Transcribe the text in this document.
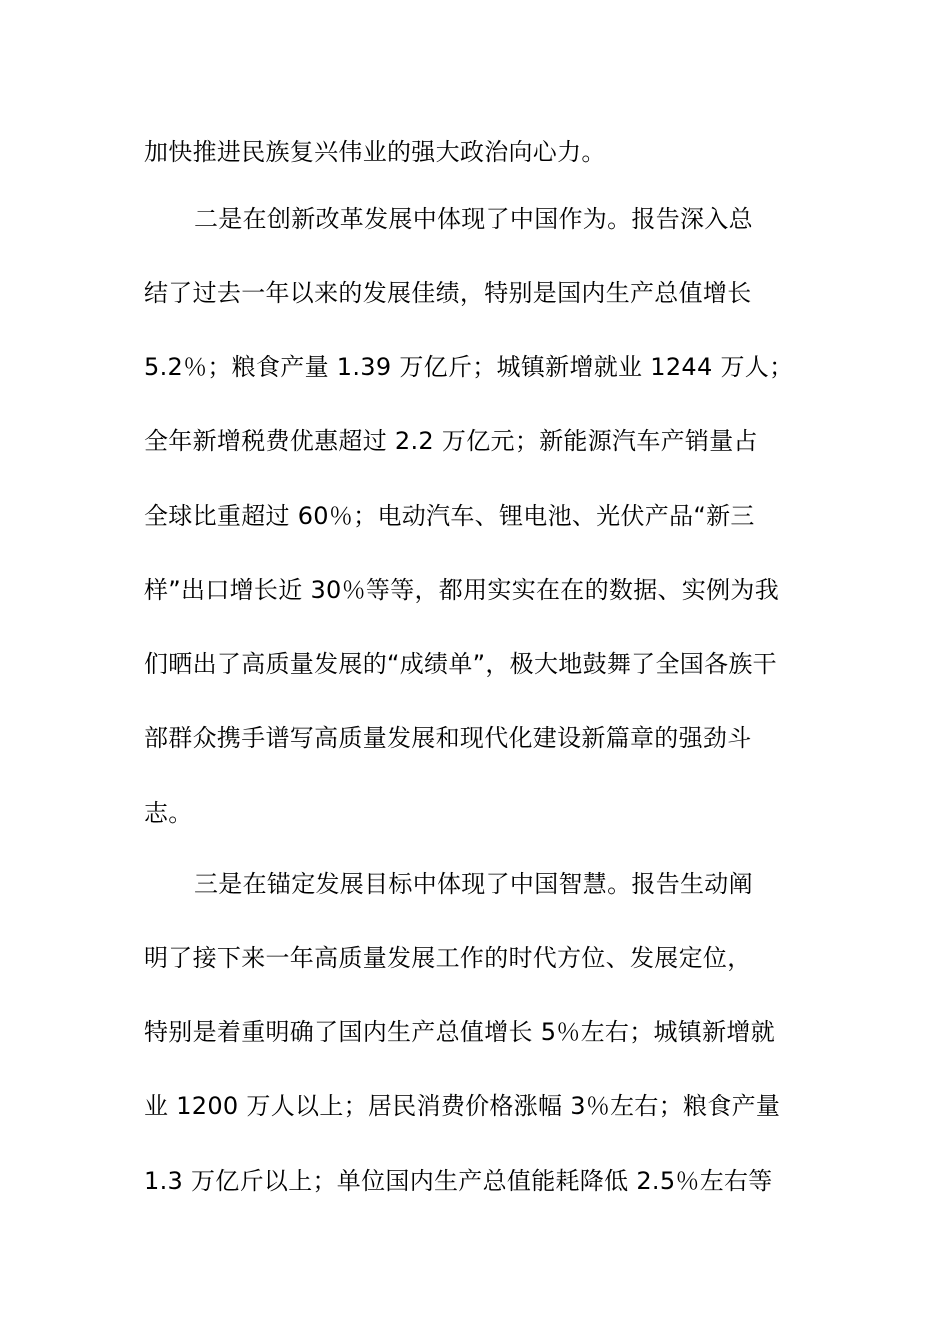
加快推进民族复兴伟业的强大政治向心力。
二是在创新改革发展中体现了中国作为。报告深入总
结了过去一年以来的发展佳绩，特别是国内生产总值增长
5.2％；粮食产量 1.39 万亿斤；城镇新增就业 1244 万人；
全年新增税费优惠超过 2.2 万亿元；新能源汽车产销量占
全球比重超过 60％；电动汽车、锂电池、光伏产品“新三
样”出口增长近 30％等等，都用实实在在的数据、实例为我
们晒出了高质量发展的“成绩单”，极大地鼓舞了全国各族干
部群众携手谱写高质量发展和现代化建设新篇章的强劲斗
志。
三是在锚定发展目标中体现了中国智慧。报告生动阐
明了接下来一年高质量发展工作的时代方位、发展定位，
特别是着重明确了国内生产总值增长 5％左右；城镇新增就
业 1200 万人以上；居民消费价格涨幅 3％左右；粮食产量
1.3 万亿斤以上；单位国内生产总值能耗降低 2.5％左右等
